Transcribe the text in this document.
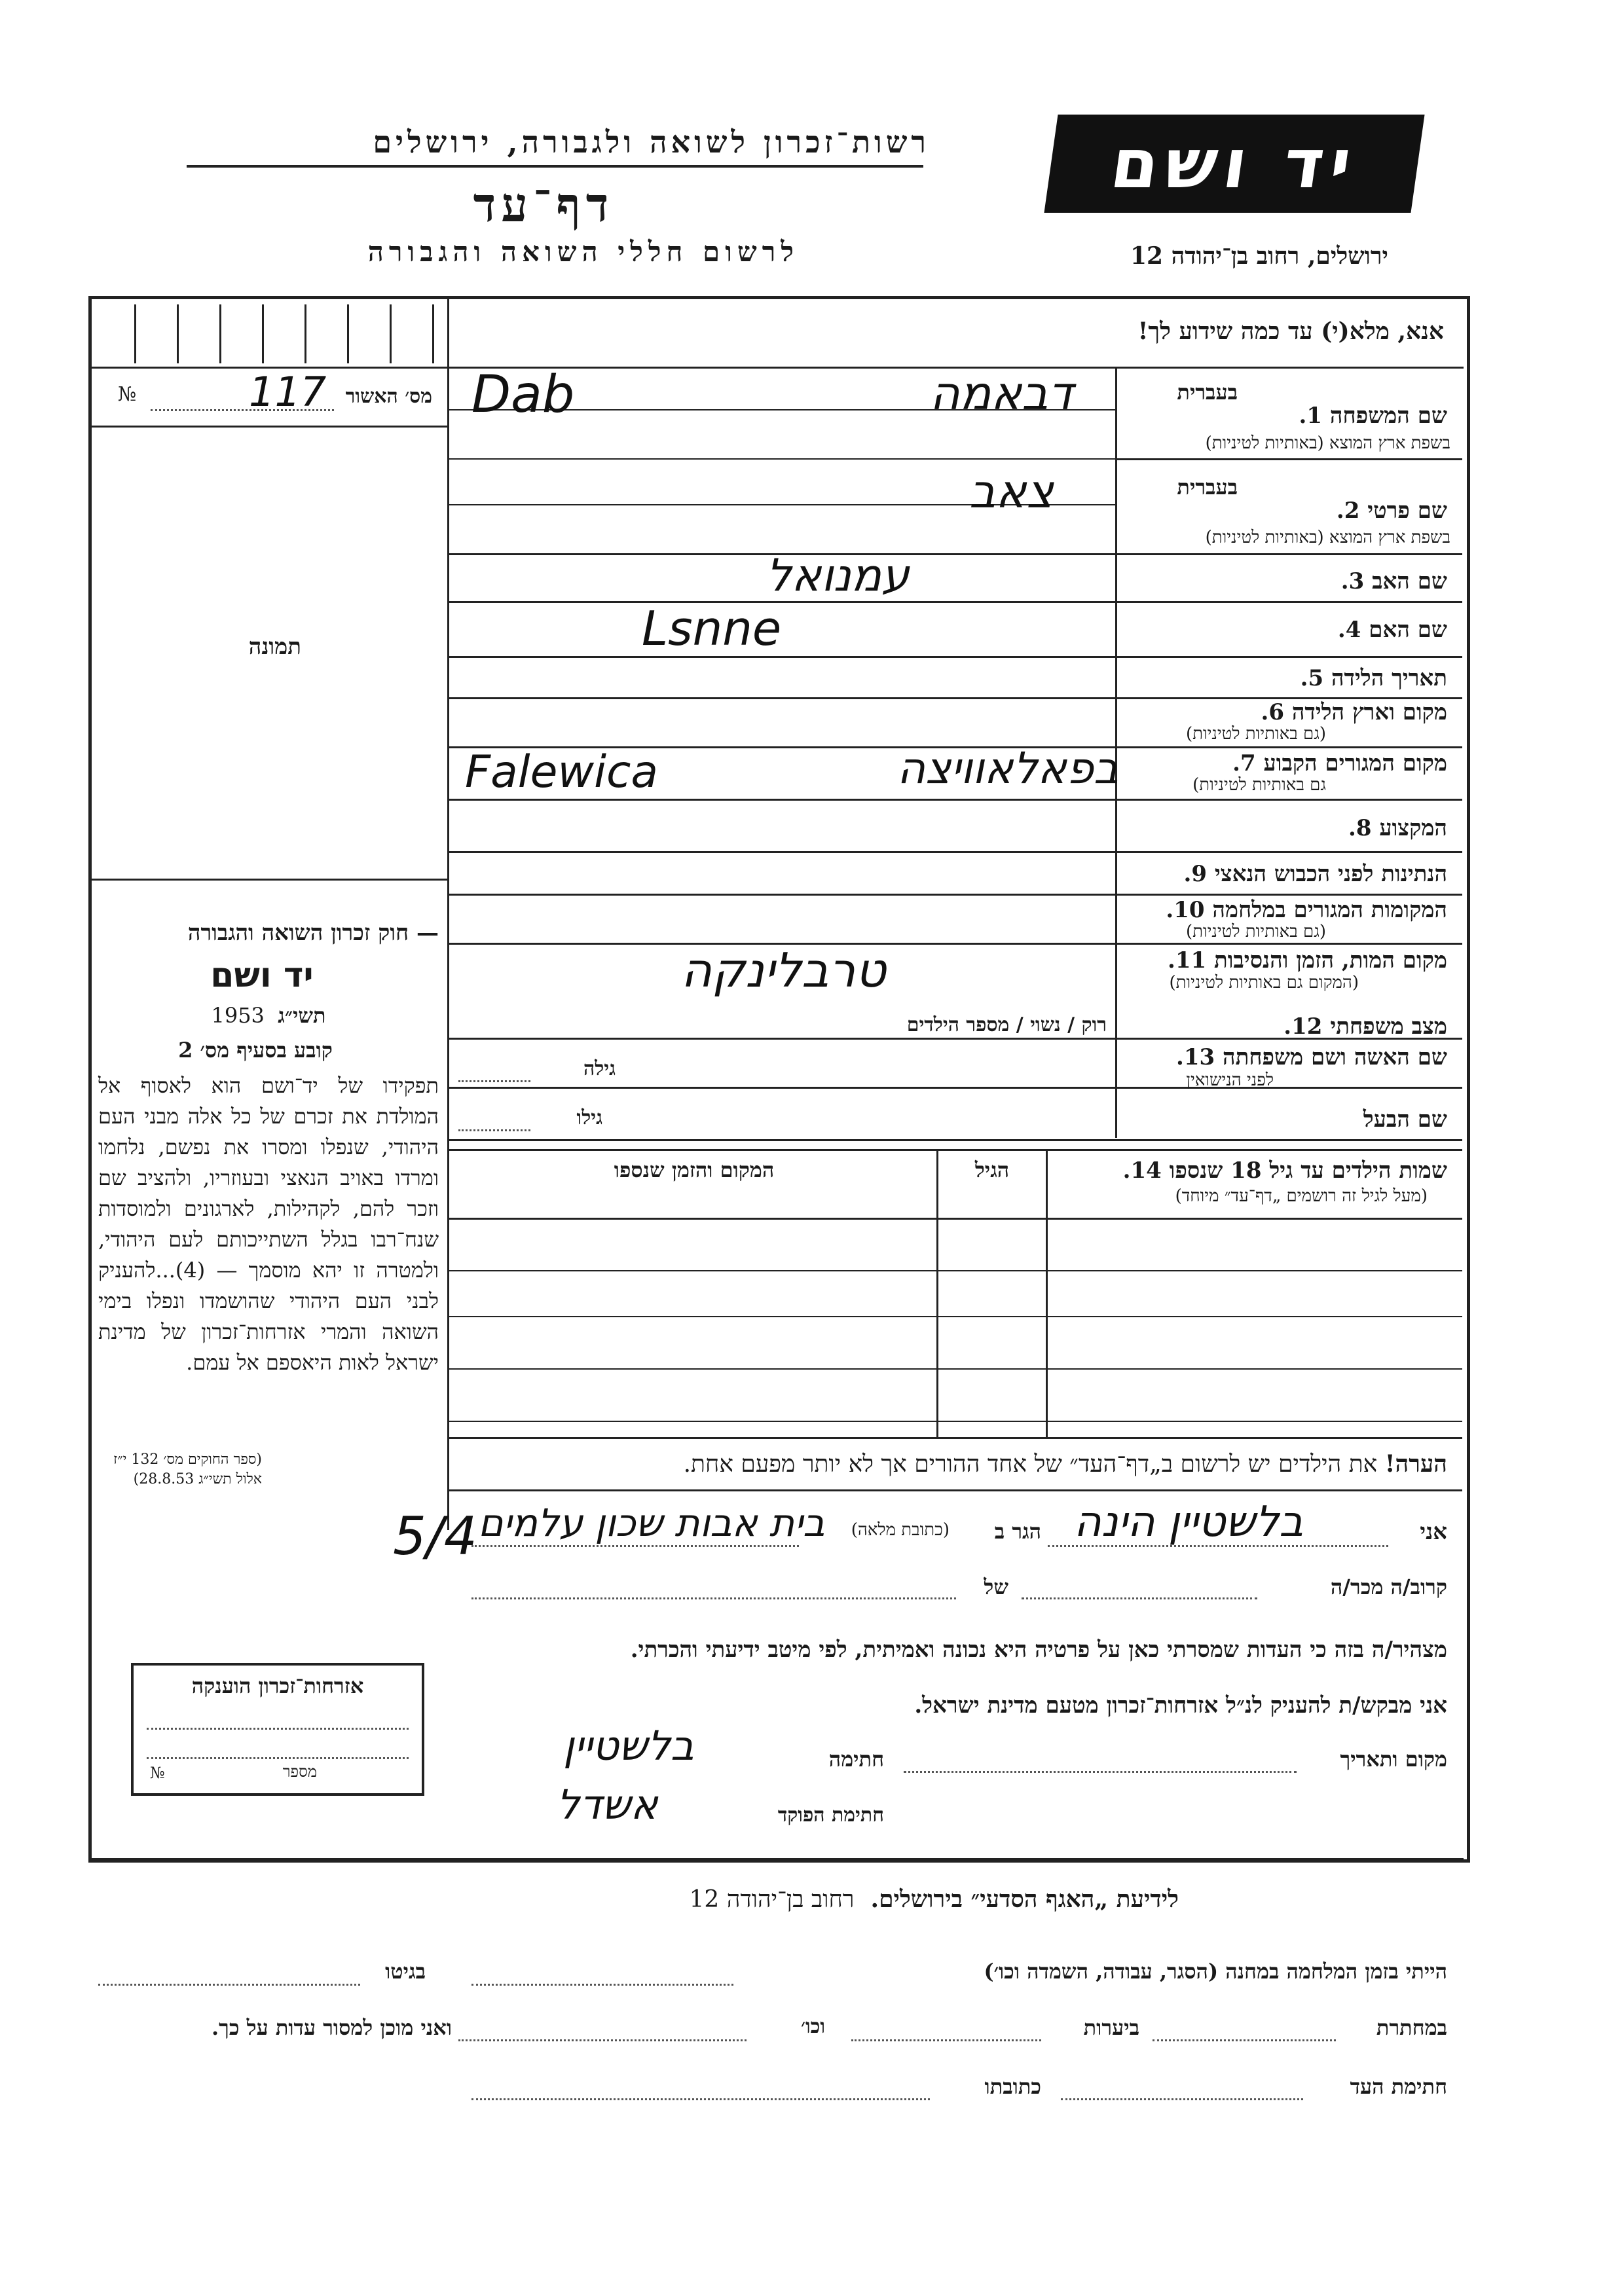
רשות־זכרון לשואה ולגבורה, ירושלים
דף־עד
לרשום חללי השואה והגבורה
יד ושם
ירושלים, רחוב בן־יהודה 12
אנא, מלא(י) עד כמה שידוע לך!
№	117 מס׳ האשור
תמונה
בעברית
שם המשפחה 1.
בשפת ארץ המוצא (באותיות לטיניות)
דבאמה
Dab
בעברית
שם פרטי 2.
בשפת ארץ המוצא (באותיות לטיניות)
צאב
שם האב 3.
עמנואל
שם האם 4.
Lsnne
תאריך הלידה 5.
מקום וארץ הלידה 6.
(גם באותיות לטיניות)
מקום המגורים הקבוע 7.
גם באותיות לטיניות)
בפאלאוויצה
Falewica
המקצוע 8.
הנתינות לפני הכבוש הנאצי 9.
המקומות המגורים במלחמה 10.
(גם באותיות לטיניות)
מקום המות, הזמן והנסיבות 11.
(המקום גם באותיות לטיניות)
טרבלינקה
מצב משפחתי 12.
רוק / נשוי / מספר הילדים
שם האשה ושם משפחתה 13.
לפני הנישואין
גילה
שם הבעל
גילו
שמות הילדים עד גיל 18 שנספו 14.
(מעל לגיל זה רושמים „דף־עד״ מיוחד)
הגיל
המקום והזמן שנספו
הערה! את הילדים יש לרשום ב„דף־העד״ של אחד ההורים אך לא יותר מפעם אחת.
— חוק זכרון השואה והגבורה
יד ושם
1953 תשי״ג
קובע בסעיף מס׳ 2
תפקידו של יד־ושם הוא לאסוף אל המולדת את זכרם של כל אלה מבני העם היהודי, שנפלו ומסרו את נפשם, נלחמו ומרדו באויב הנאצי ובעוזריו, ולהציב שם וזכר להם, לקהילות, לארגונים ולמוסדות שנח־רבו בגלל השתייכותם לעם היהודי, ולמטרה זו יהא מוסמך — (4)...להעניק לבני העם היהודי שהושמדו ונפלו בימי השואה והמרי אזרחות־זכרון של מדינת ישראל לאות היאספם אל עמם.
(ספר החוקים מס׳ 132 י״ז אלול תשי״ג 28.8.53)
אני
בלשטיין הינה
הגר ב
(כתובת מלאה)
בית אבות שכון עלמים
5/4
קרוב/ה מכר/ה
של
מצהיר/ה בזה כי העדות שמסרתי כאן על פרטיה היא נכונה ואמיתית, לפי מיטב ידיעתי והכרתי.
אני מבקש/ת להעניק לנ״ל אזרחות־זכרון מטעם מדינת ישראל.
מקום ותאריך
חתימה
בלשטיין
חתימת הפוקד
אשדל
אזרחות־זכרון הוענקה
№	מספר
לידיעת „האגף הסדעי״ בירושלים.  רחוב בן־יהודה 12
הייתי בזמן המלחמה במחנה (הסגר, עבודה, השמדה וכו׳)
בגיטו
במחתרת
ביערות
וכו׳
ואני מוכן למסור עדות על כך.
חתימת העד
כתובתו
